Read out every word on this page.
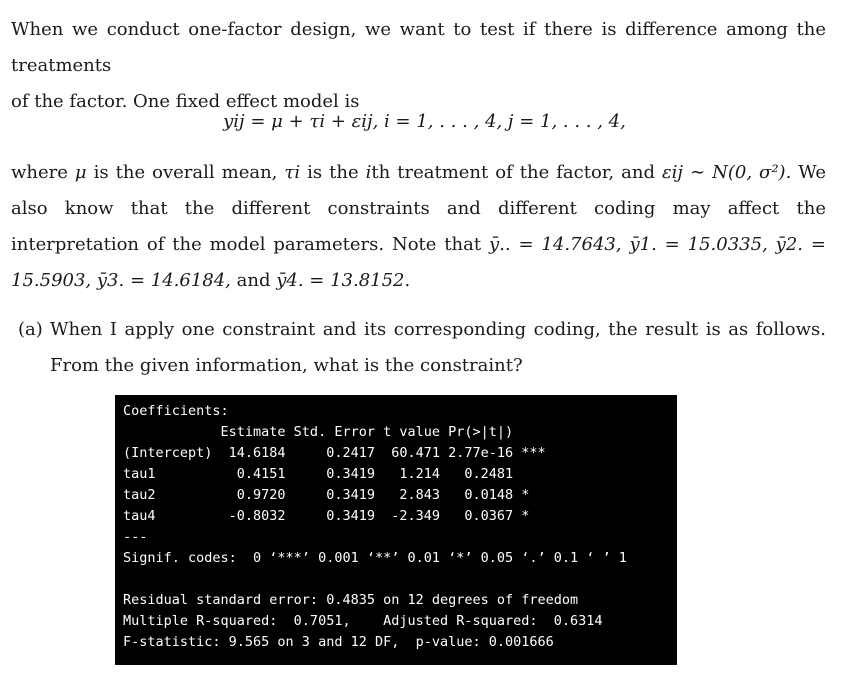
When we conduct one-factor design, we want to test if there is difference among the treatments
of the factor. One fixed effect model is
yij = μ + τi + εij, i = 1, . . . , 4, j = 1, . . . , 4,
where μ is the overall mean, τi is the ith treatment of the factor, and εij ∼ N(0, σ²). We also know that the different constraints and different coding may affect the interpretation of the model parameters. Note that ȳ.. = 14.7643, ȳ1. = 15.0335, ȳ2. = 15.5903, ȳ3. = 14.6184, and ȳ4. = 13.8152.
(a) When I apply one constraint and its corresponding coding, the result is as follows. From the given information, what is the constraint?
Coefficients:
Estimate Std. Error t value Pr(>|t|)
(Intercept)  14.6184     0.2417  60.471 2.77e-16 ***
tau1          0.4151     0.3419   1.214   0.2481
tau2          0.9720     0.3419   2.843   0.0148 *
tau4         -0.8032     0.3419  -2.349   0.0367 *
---
Signif. codes:  0 ‘***’ 0.001 ‘**’ 0.01 ‘*’ 0.05 ‘.’ 0.1 ‘ ’ 1

Residual standard error: 0.4835 on 12 degrees of freedom
Multiple R-squared:  0.7051,    Adjusted R-squared:  0.6314
F-statistic: 9.565 on 3 and 12 DF,  p-value: 0.001666
